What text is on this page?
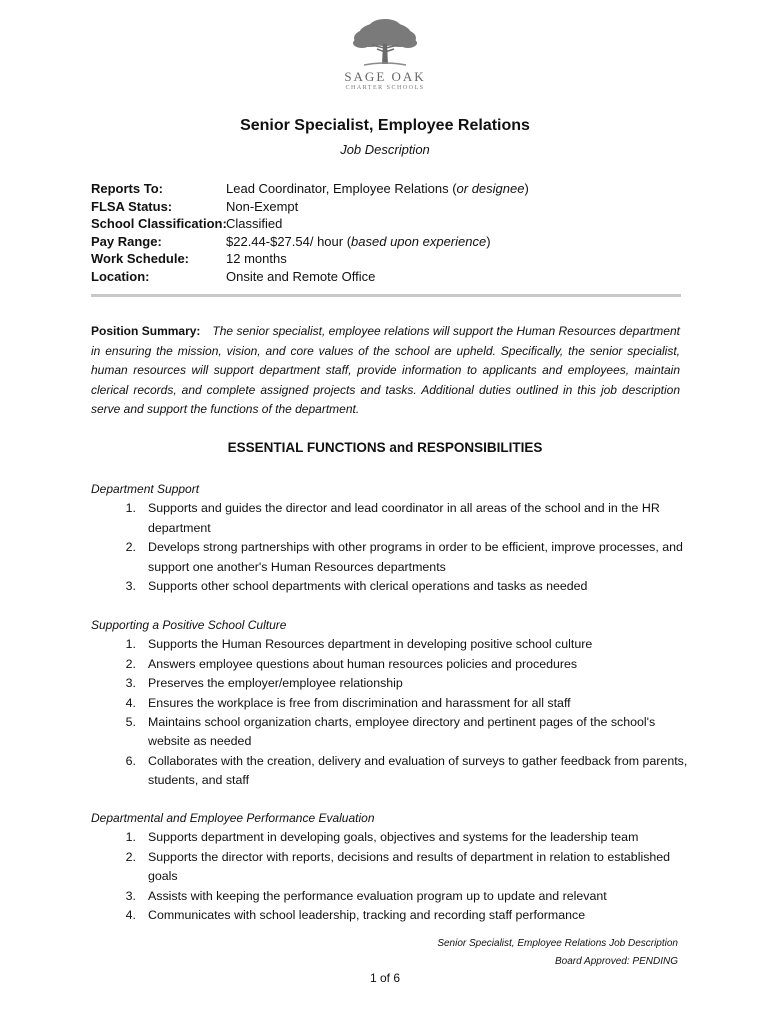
SAGE OAK
CHARTER SCHOOLS
Senior Specialist, Employee Relations
Job Description
Reports To:	Lead Coordinator, Employee Relations (or designee)
FLSA Status:	Non-Exempt
School Classification: Classified
Pay Range:	$22.44-$27.54/ hour (based upon experience)
Work Schedule:	12 months
Location:	Onsite and Remote Office
Position Summary: The senior specialist, employee relations will support the Human Resources department in ensuring the mission, vision, and core values of the school are upheld. Specifically, the senior specialist, human resources will support department staff, provide information to applicants and employees, maintain clerical records, and complete assigned projects and tasks. Additional duties outlined in this job description serve and support the functions of the department.
ESSENTIAL FUNCTIONS and RESPONSIBILITIES
Department Support
1. Supports and guides the director and lead coordinator in all areas of the school and in the HR department
2. Develops strong partnerships with other programs in order to be efficient, improve processes, and support one another's Human Resources departments
3. Supports other school departments with clerical operations and tasks as needed
Supporting a Positive School Culture
1. Supports the Human Resources department in developing positive school culture
2. Answers employee questions about human resources policies and procedures
3. Preserves the employer/employee relationship
4. Ensures the workplace is free from discrimination and harassment for all staff
5. Maintains school organization charts, employee directory and pertinent pages of the school's website as needed
6. Collaborates with the creation, delivery and evaluation of surveys to gather feedback from parents, students, and staff
Departmental and Employee Performance Evaluation
1. Supports department in developing goals, objectives and systems for the leadership team
2. Supports the director with reports, decisions and results of department in relation to established goals
3. Assists with keeping the performance evaluation program up to update and relevant
4. Communicates with school leadership, tracking and recording staff performance
Senior Specialist, Employee Relations Job Description
Board Approved: PENDING
1 of 6
